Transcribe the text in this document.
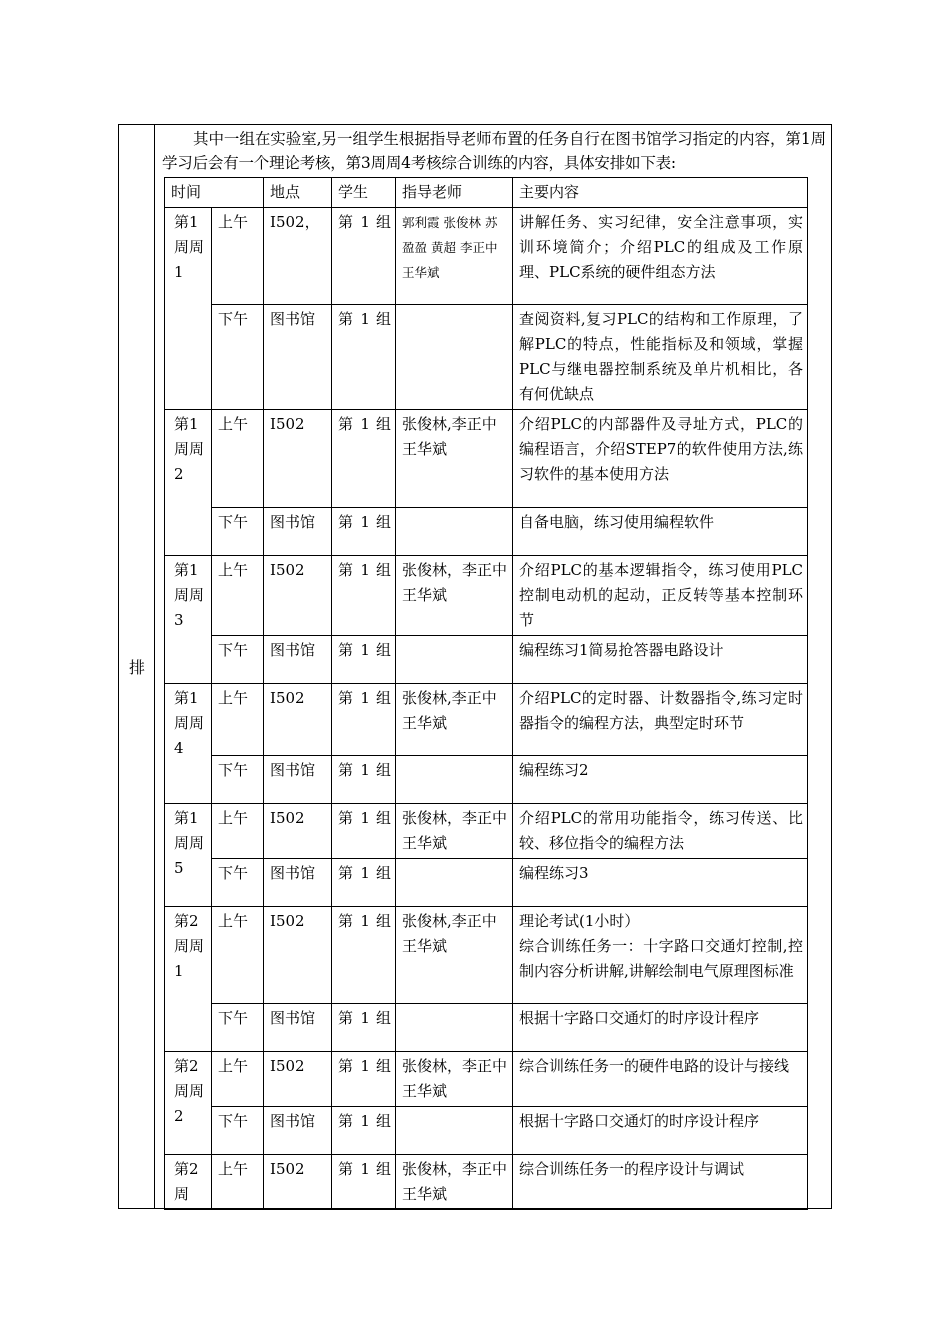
排
其中一组在实验室,另一组学生根据指导老师布置的任务自行在图书馆学习指定的内容，第1周学习后会有一个理论考核，第3周周4考核综合训练的内容，具体安排如下表:
时间		地点	学生	指导老师	主要内容
第1周周1	上午	I502，	第 1 组	郭利霞 张俊林 苏盈盈 黄超 李正中 王华斌	讲解任务、实习纪律，安全注意事项，实训环境简介；介绍PLC的组成及工作原理、PLC系统的硬件组态方法

	下午	图书馆	第 1 组		查阅资料,复习PLC的结构和工作原理，了解PLC的特点，性能指标及和领域，掌握PLC与继电器控制系统及单片机相比，各有何优缺点
第1周周2	上午	I502	第 1 组	张俊林,李正中 王华斌	介绍PLC的内部器件及寻址方式，PLC的编程语言，介绍STEP7的软件使用方法,练习软件的基本使用方法

	下午	图书馆	第 1 组		自备电脑，练习使用编程软件
第1周周3	上午	I502	第 1 组	张俊林，李正中 王华斌	介绍PLC的基本逻辑指令，练习使用PLC控制电动机的起动，正反转等基本控制环节

	下午	图书馆	第 1 组		编程练习1简易抢答器电路设计
第1周周4	上午	I502	第 1 组	张俊林,李正中 王华斌	介绍PLC的定时器、计数器指令,练习定时器指令的编程方法，典型定时环节

	下午	图书馆	第 1 组		编程练习2
第1周周5	上午	I502	第 1 组	张俊林，李正中 王华斌	介绍PLC的常用功能指令，练习传送、比较、移位指令的编程方法

	下午	图书馆	第 1 组		编程练习3
第2周周1	上午	I502	第 1 组	张俊林,李正中 王华斌	理论考试(1小时）
综合训练任务一：十字路口交通灯控制,控制内容分析讲解,讲解绘制电气原理图标准

	下午	图书馆	第 1 组		根据十字路口交通灯的时序设计程序
第2周周2	上午	I502	第 1 组	张俊林，李正中 王华斌	综合训练任务一的硬件电路的设计与接线

	下午	图书馆	第 1 组		根据十字路口交通灯的时序设计程序
第2周	上午	I502	第 1 组	张俊林，李正中 王华斌	综合训练任务一的程序设计与调试
